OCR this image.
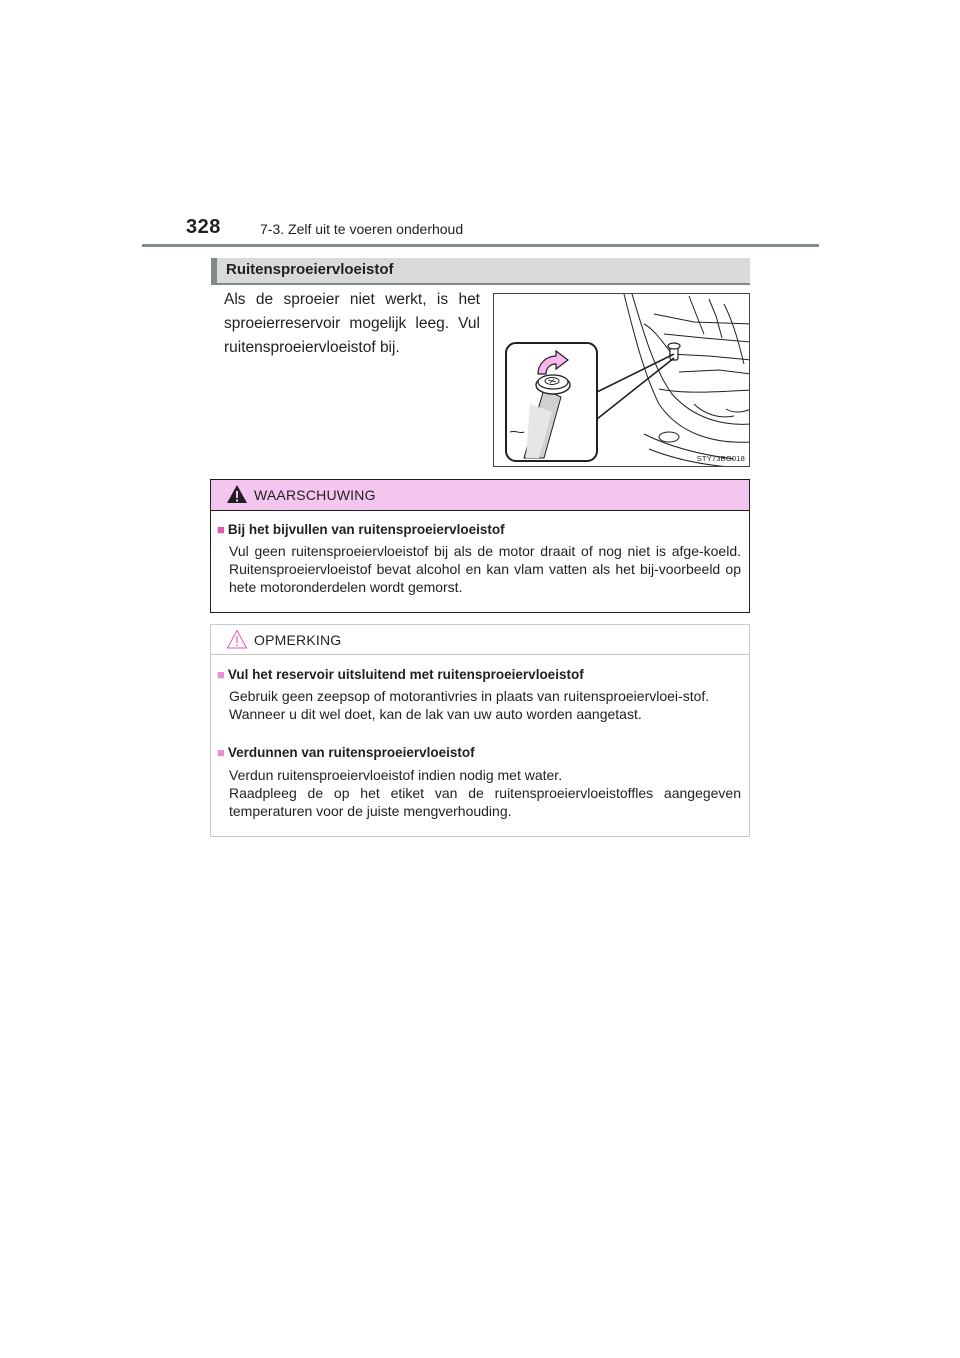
328	7-3. Zelf uit te voeren onderhoud
Ruitensproeiervloeistof
Als de sproeier niet werkt, is het sproeierreservoir mogelijk leeg. Vul ruitensproeiervloeistof bij.
STY73BO018
WAARSCHUWING
■ Bij het bijvullen van ruitensproeiervloeistof

Vul geen ruitensproeiervloeistof bij als de motor draait of nog niet is afge-koeld. Ruitensproeiervloeistof bevat alcohol en kan vlam vatten als het bij-voorbeeld op hete motoronderdelen wordt gemorst.

OPMERKING
■ Vul het reservoir uitsluitend met ruitensproeiervloeistof

Gebruik geen zeepsop of motorantivries in plaats van ruitensproeiervloei-stof.

Wanneer u dit wel doet, kan de lak van uw auto worden aangetast.

■ Verdunnen van ruitensproeiervloeistof

Verdun ruitensproeiervloeistof indien nodig met water.

Raadpleeg de op het etiket van de ruitensproeiervloeistoffles aangegeven temperaturen voor de juiste mengverhouding.
